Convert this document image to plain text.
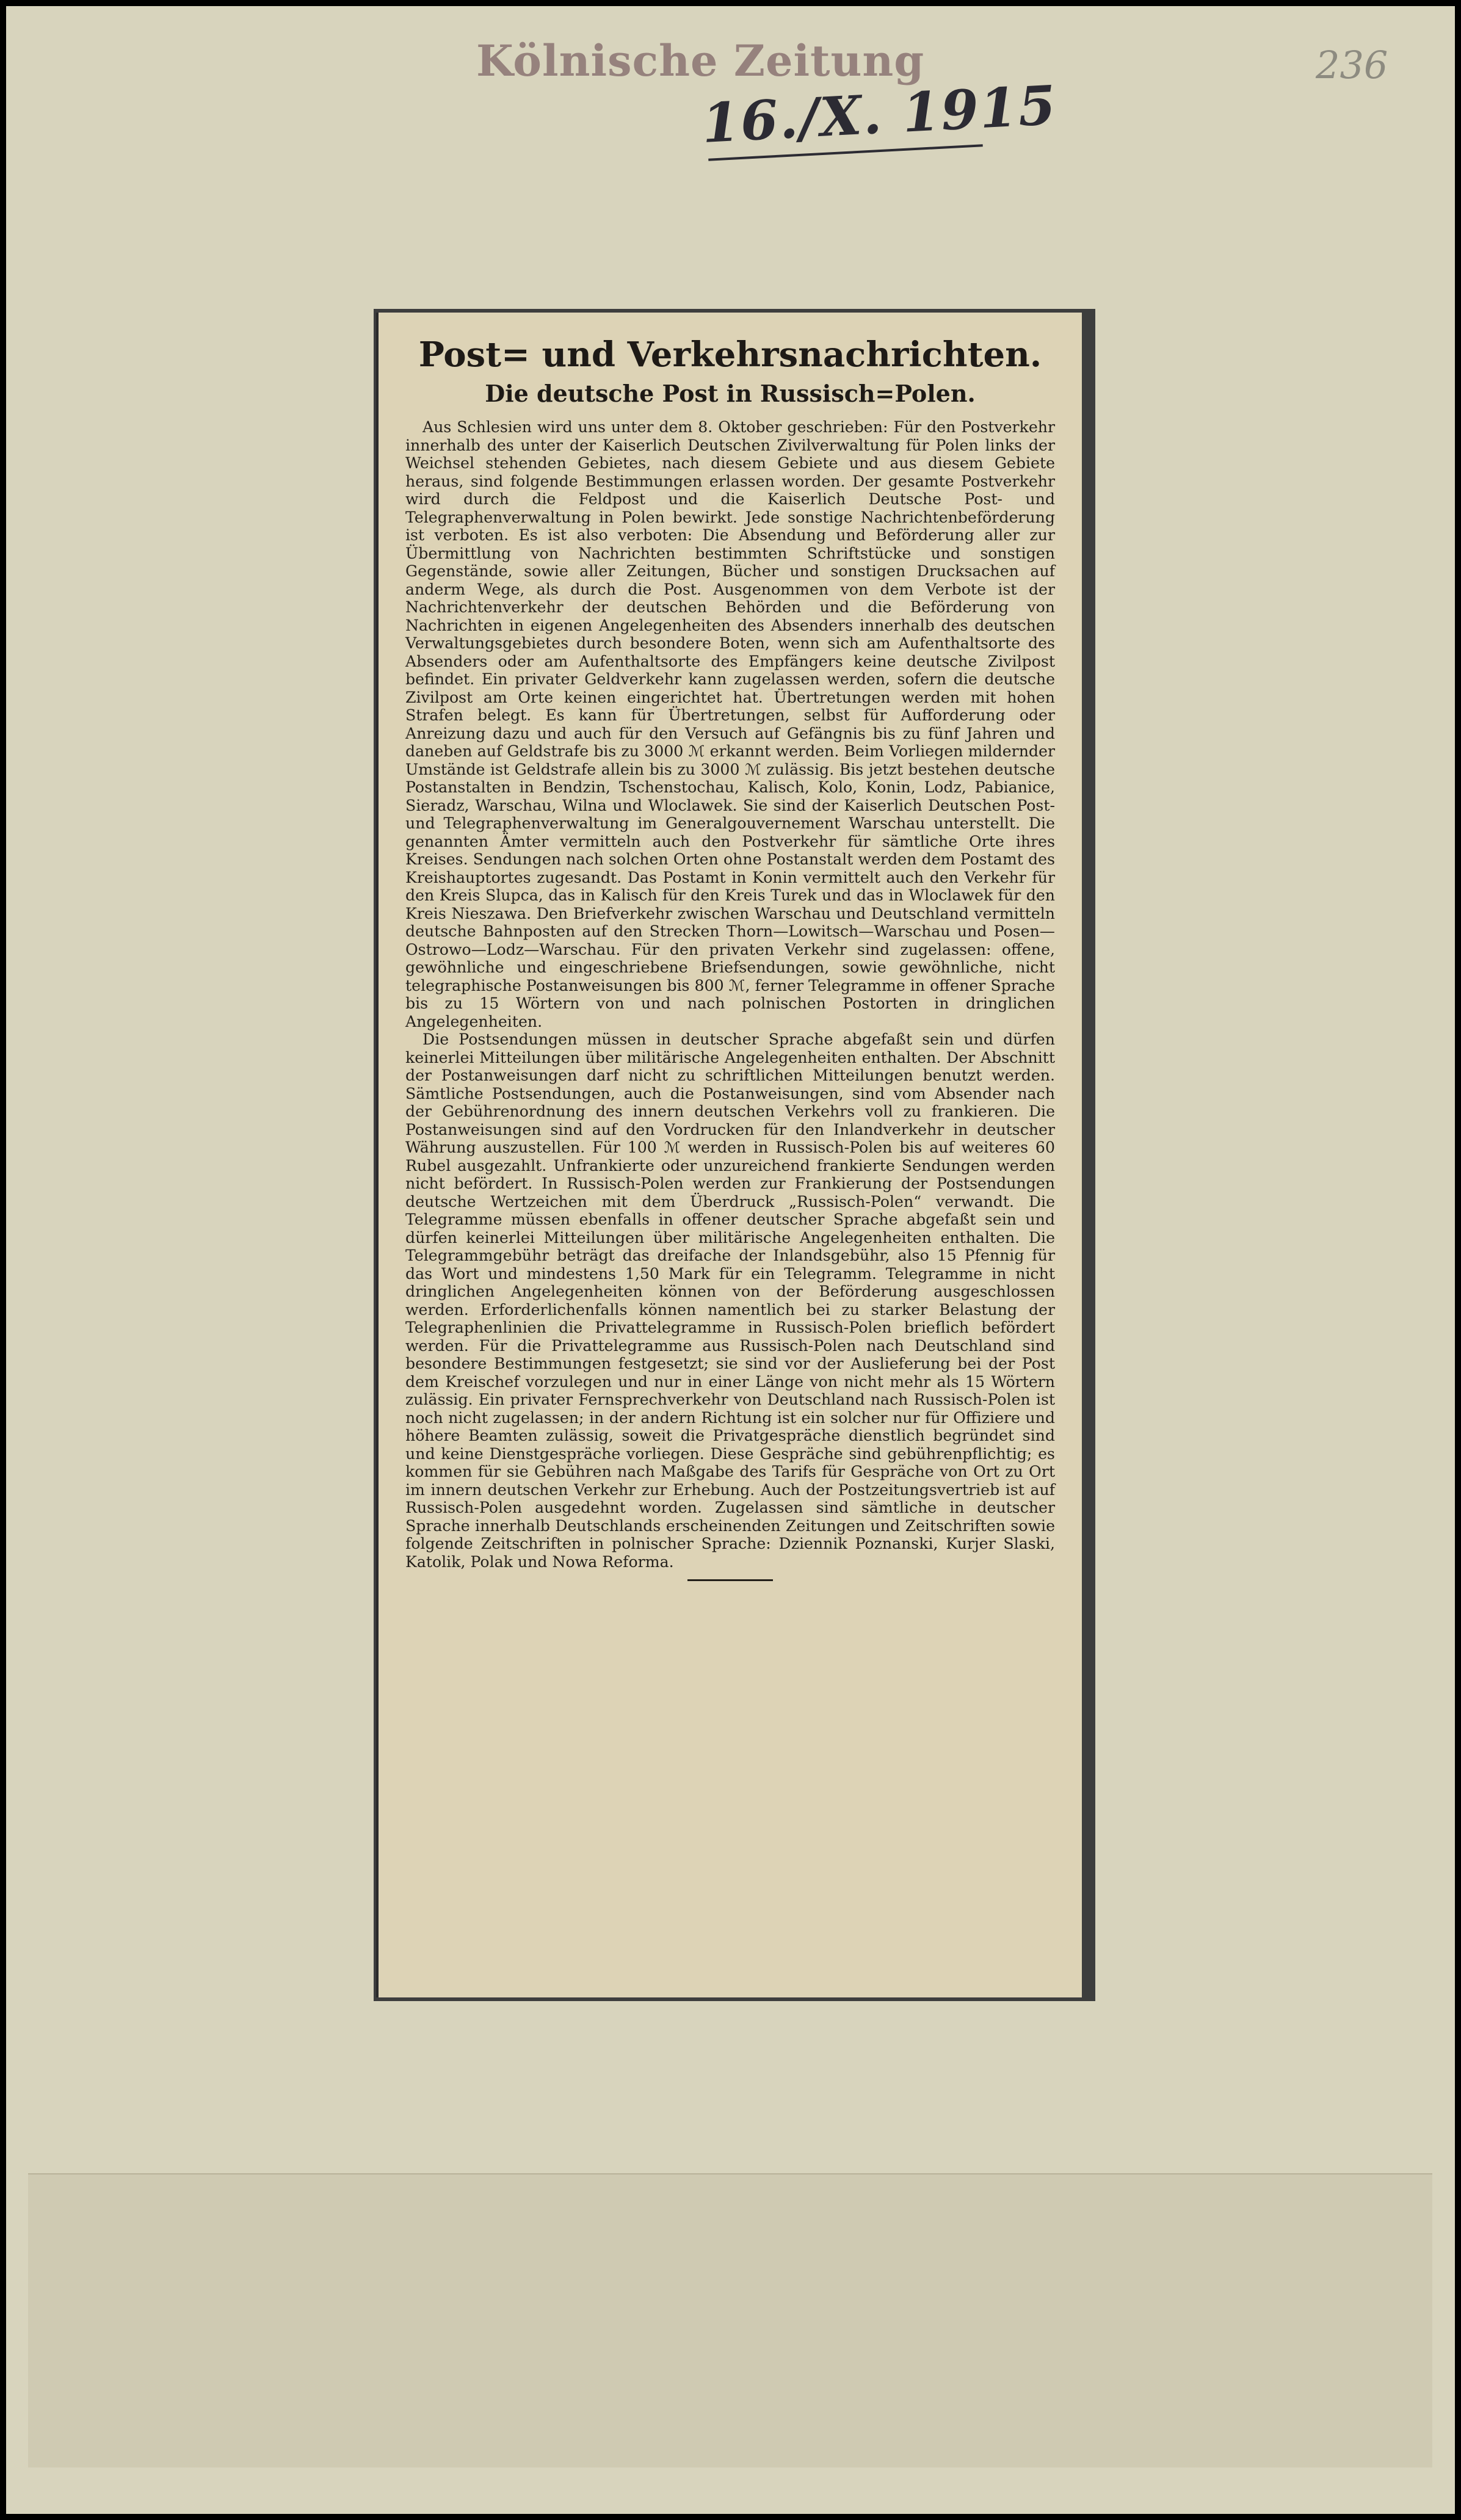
Kölnische Zeitung	236
16./X. 1915
Post= und Verkehrsnachrichten.
Die deutsche Post in Russisch=Polen.

Aus Schlesien wird uns unter dem 8. Oktober geschrieben: Für den Postverkehr innerhalb des unter der Kaiserlich Deutschen Zivilverwaltung für Polen links der Weichsel stehenden Gebietes, nach diesem Gebiete und aus diesem Gebiete heraus, sind folgende Bestimmungen erlassen worden. Der gesamte Postverkehr wird durch die Feldpost und die Kaiserlich Deutsche Post- und Telegraphenverwaltung in Polen bewirkt. Jede sonstige Nachrichtenbeförderung ist verboten. Es ist also verboten: Die Absendung und Beförderung aller zur Übermittlung von Nachrichten bestimmten Schriftstücke und sonstigen Gegenstände, sowie aller Zeitungen, Bücher und sonstigen Drucksachen auf anderm Wege, als durch die Post. Ausgenommen von dem Verbote ist der Nachrichtenverkehr der deutschen Behörden und die Beförderung von Nachrichten in eigenen Angelegenheiten des Absenders innerhalb des deutschen Verwaltungsgebietes durch besondere Boten, wenn sich am Aufenthaltsorte des Absenders oder am Aufenthaltsorte des Empfängers keine deutsche Zivilpost befindet. Ein privater Geldverkehr kann zugelassen werden, sofern die deutsche Zivilpost am Orte keinen eingerichtet hat. Übertretungen werden mit hohen Strafen belegt. Es kann für Übertretungen, selbst für Aufforderung oder Anreizung dazu und auch für den Versuch auf Gefängnis bis zu fünf Jahren und daneben auf Geldstrafe bis zu 3000 ℳ erkannt werden. Beim Vorliegen mildernder Umstände ist Geldstrafe allein bis zu 3000 ℳ zulässig. Bis jetzt bestehen deutsche Postanstalten in Bendzin, Tschenstochau, Kalisch, Kolo, Konin, Lodz, Pabianice, Sieradz, Warschau, Wilna und Wloclawek. Sie sind der Kaiserlich Deutschen Post- und Telegraphenverwaltung im Generalgouvernement Warschau unterstellt. Die genannten Ämter vermitteln auch den Postverkehr für sämtliche Orte ihres Kreises. Sendungen nach solchen Orten ohne Postanstalt werden dem Postamt des Kreishauptortes zugesandt. Das Postamt in Konin vermittelt auch den Verkehr für den Kreis Slupca, das in Kalisch für den Kreis Turek und das in Wloclawek für den Kreis Nieszawa. Den Briefverkehr zwischen Warschau und Deutschland vermitteln deutsche Bahnposten auf den Strecken Thorn—Lowitsch—Warschau und Posen—Ostrowo—Lodz—Warschau. Für den privaten Verkehr sind zugelassen: offene, gewöhnliche und eingeschriebene Briefsendungen, sowie gewöhnliche, nicht telegraphische Postanweisungen bis 800 ℳ, ferner Telegramme in offener Sprache bis zu 15 Wörtern von und nach polnischen Postorten in dringlichen Angelegenheiten.

Die Postsendungen müssen in deutscher Sprache abgefaßt sein und dürfen keinerlei Mitteilungen über militärische Angelegenheiten enthalten. Der Abschnitt der Postanweisungen darf nicht zu schriftlichen Mitteilungen benutzt werden. Sämtliche Postsendungen, auch die Postanweisungen, sind vom Absender nach der Gebührenordnung des innern deutschen Verkehrs voll zu frankieren. Die Postanweisungen sind auf den Vordrucken für den Inlandverkehr in deutscher Währung auszustellen. Für 100 ℳ werden in Russisch-Polen bis auf weiteres 60 Rubel ausgezahlt. Unfrankierte oder unzureichend frankierte Sendungen werden nicht befördert. In Russisch-Polen werden zur Frankierung der Postsendungen deutsche Wertzeichen mit dem Überdruck „Russisch-Polen“ verwandt. Die Telegramme müssen ebenfalls in offener deutscher Sprache abgefaßt sein und dürfen keinerlei Mitteilungen über militärische Angelegenheiten enthalten. Die Telegrammgebühr beträgt das dreifache der Inlandsgebühr, also 15 Pfennig für das Wort und mindestens 1,50 Mark für ein Telegramm. Telegramme in nicht dringlichen Angelegenheiten können von der Beförderung ausgeschlossen werden. Erforderlichenfalls können namentlich bei zu starker Belastung der Telegraphenlinien die Privattelegramme in Russisch-Polen brieflich befördert werden. Für die Privattelegramme aus Russisch-Polen nach Deutschland sind besondere Bestimmungen festgesetzt; sie sind vor der Auslieferung bei der Post dem Kreischef vorzulegen und nur in einer Länge von nicht mehr als 15 Wörtern zulässig. Ein privater Fernsprechverkehr von Deutschland nach Russisch-Polen ist noch nicht zugelassen; in der andern Richtung ist ein solcher nur für Offiziere und höhere Beamten zulässig, soweit die Privatgespräche dienstlich begründet sind und keine Dienstgespräche vorliegen. Diese Gespräche sind gebührenpflichtig; es kommen für sie Gebühren nach Maßgabe des Tarifs für Gespräche von Ort zu Ort im innern deutschen Verkehr zur Erhebung. Auch der Postzeitungsvertrieb ist auf Russisch-Polen ausgedehnt worden. Zugelassen sind sämtliche in deutscher Sprache innerhalb Deutschlands erscheinenden Zeitungen und Zeitschriften sowie folgende Zeitschriften in polnischer Sprache: Dziennik Poznanski, Kurjer Slaski, Katolik, Polak und Nowa Reforma.
